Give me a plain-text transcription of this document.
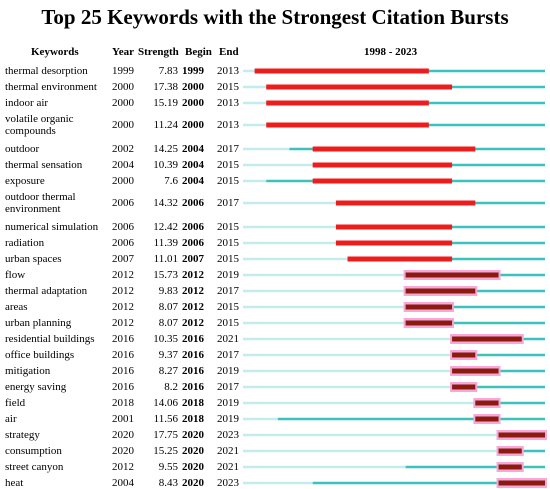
Top 25 Keywords with the Strongest Citation Bursts
Keywords	Year Strength Begin End	1998 - 2023
thermal desorption	1999	7.83 1999	2013
thermal environment	2000	17.38 2000	2015
indoor air	2000	15.19 2000	2013
volatile organic compounds	2000	11.24 2000	2013
outdoor	2002	14.25 2004	2017
thermal sensation	2004	10.39 2004	2015
exposure	2000	7.6 2004	2015
outdoor thermal environment	2006	14.32 2006	2017
numerical simulation	2006	12.42 2006	2015
radiation	2006	11.39 2006	2015
urban spaces	2007	11.01 2007	2015
flow	2012	15.73 2012	2019
thermal adaptation	2012	9.83 2012	2017
areas	2012	8.07 2012	2015
urban planning	2012	8.07 2012	2015
residential buildings	2016	10.35 2016	2021
office buildings	2016	9.37 2016	2017
mitigation	2016	8.27 2016	2019
energy saving	2016	8.2 2016	2017
field	2018	14.06 2018	2019
air	2001	11.56 2018	2019
strategy	2020	17.75 2020	2023
consumption	2020	15.25 2020	2021
street canyon	2012	9.55 2020	2021
heat	2004	8.43 2020	2023
